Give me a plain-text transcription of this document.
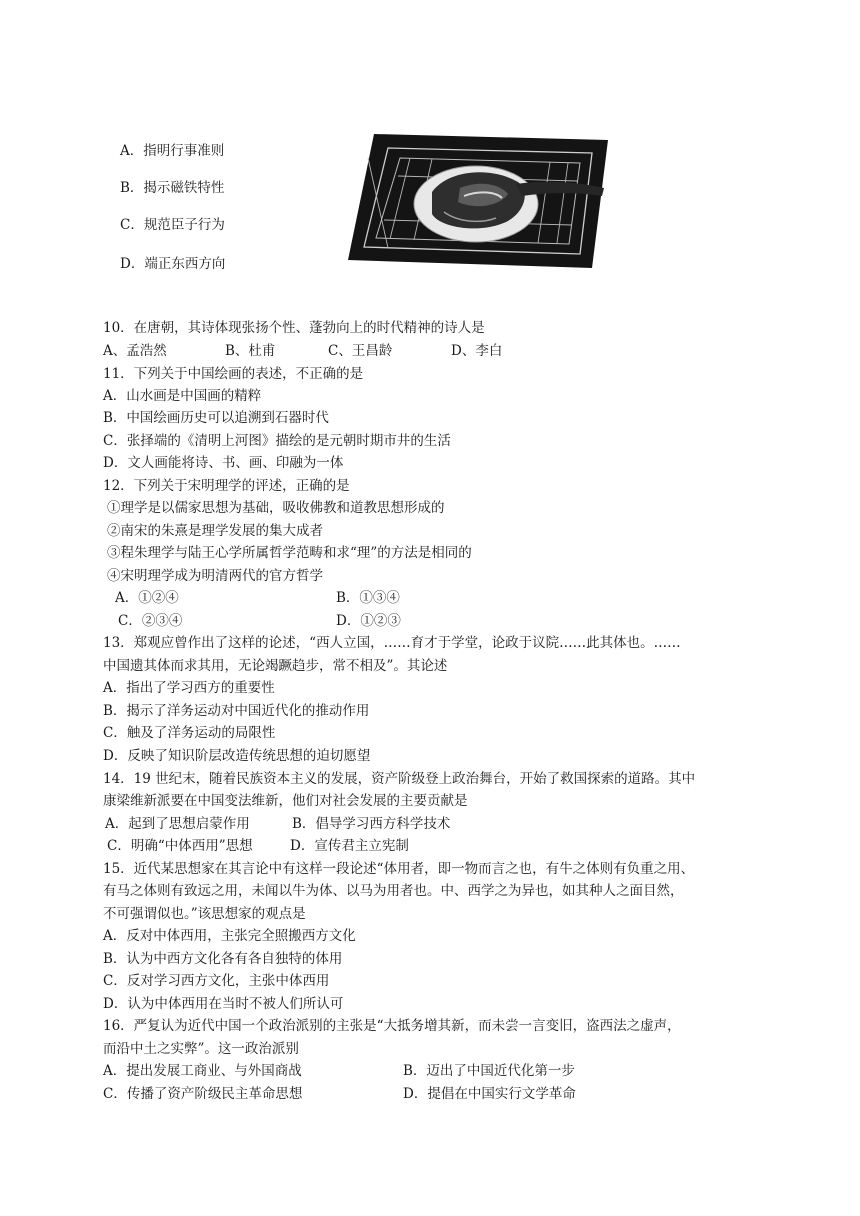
A．指明行事准则
B．揭示磁铁特性
C．规范臣子行为
D．端正东西方向
10．在唐朝，其诗体现张扬个性、蓬勃向上的时代精神的诗人是
A、孟浩然	B、杜甫	C、王昌龄	D、李白
11．下列关于中国绘画的表述，不正确的是
A．山水画是中国画的精粹
B．中国绘画历史可以追溯到石器时代
C．张择端的《清明上河图》描绘的是元朝时期市井的生活
D．文人画能将诗、书、画、印融为一体
12．下列关于宋明理学的评述，正确的是
①理学是以儒家思想为基础，吸收佛教和道教思想形成的
②南宋的朱熹是理学发展的集大成者
③程朱理学与陆王心学所属哲学范畴和求“理”的方法是相同的
④宋明理学成为明清两代的官方哲学
A．①②④	B．①③④
C．②③④	D．①②③
13．郑观应曾作出了这样的论述，“西人立国，……育才于学堂，论政于议院……此其体也。……
中国遗其体而求其用，无论竭蹶趋步，常不相及”。其论述
A．指出了学习西方的重要性
B．揭示了洋务运动对中国近代化的推动作用
C．触及了洋务运动的局限性
D．反映了知识阶层改造传统思想的迫切愿望
14．19 世纪末，随着民族资本主义的发展，资产阶级登上政治舞台，开始了救国探索的道路。其中
康梁维新派要在中国变法维新，他们对社会发展的主要贡献是
A．起到了思想启蒙作用	B．倡导学习西方科学技术
C．明确“中体西用”思想	D．宣传君主立宪制
15．近代某思想家在其言论中有这样一段论述“体用者，即一物而言之也，有牛之体则有负重之用、
有马之体则有致远之用，未闻以牛为体、以马为用者也。中、西学之为异也，如其种人之面目然，
不可强谓似也。”该思想家的观点是
A．反对中体西用，主张完全照搬西方文化
B．认为中西方文化各有各自独特的体用
C．反对学习西方文化，主张中体西用
D．认为中体西用在当时不被人们所认可
16．严复认为近代中国一个政治派别的主张是“大抵务增其新，而未尝一言变旧，盗西法之虚声，
而沿中土之实弊”。这一政治派别
A．提出发展工商业、与外国商战	B．迈出了中国近代化第一步
C．传播了资产阶级民主革命思想	D．提倡在中国实行文学革命
